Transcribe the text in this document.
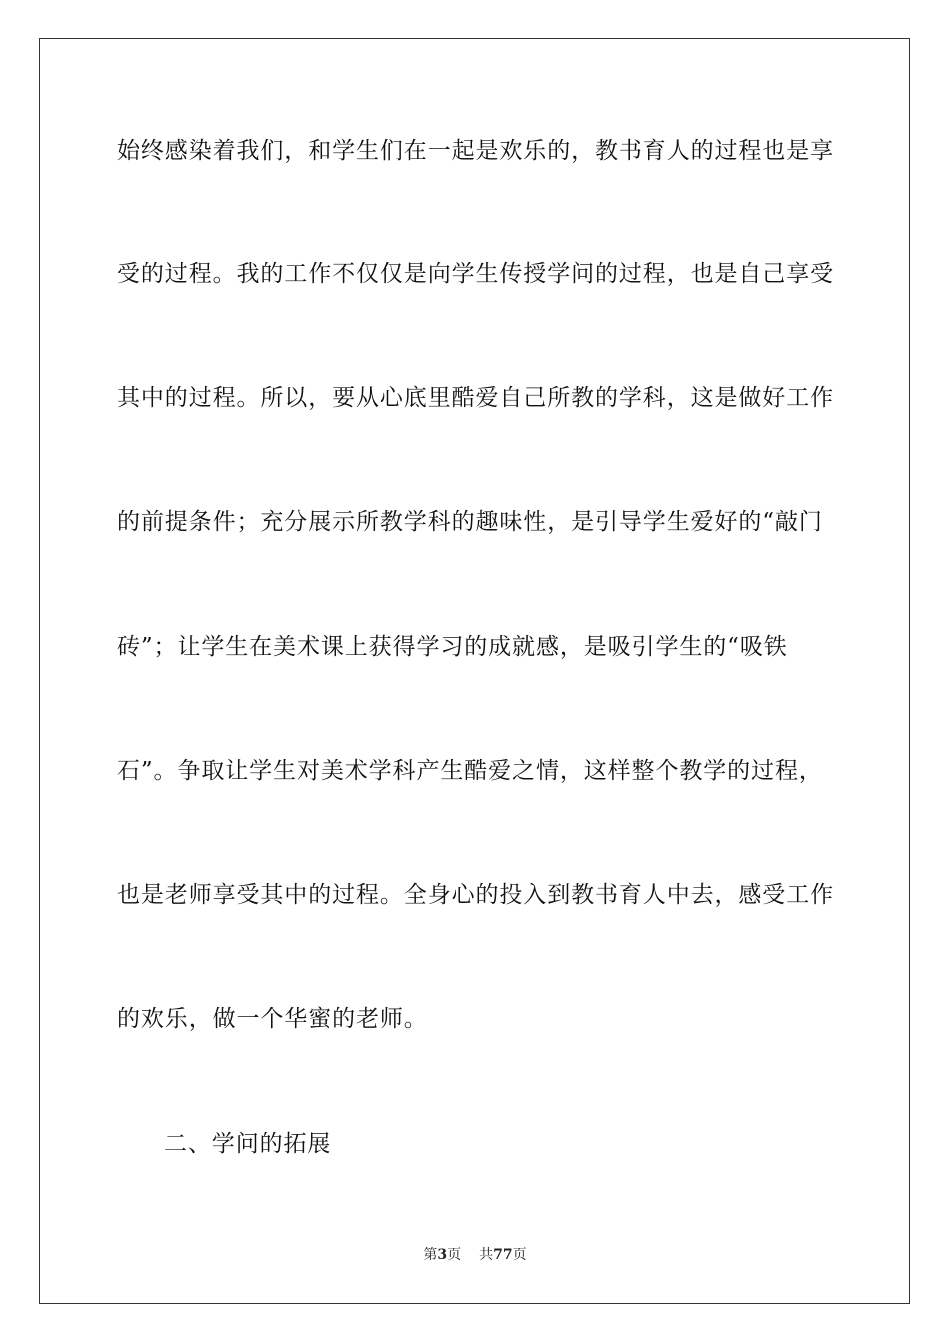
始终感染着我们，和学生们在一起是欢乐的，教书育人的过程也是享
受的过程。我的工作不仅仅是向学生传授学问的过程，也是自己享受
其中的过程。所以，要从心底里酷爱自己所教的学科，这是做好工作
的前提条件；充分展示所教学科的趣味性，是引导学生爱好的“敲门
砖”；让学生在美术课上获得学习的成就感，是吸引学生的“吸铁
石”。争取让学生对美术学科产生酷爱之情，这样整个教学的过程，
也是老师享受其中的过程。全身心的投入到教书育人中去，感受工作
的欢乐，做一个华蜜的老师。
二、学问的拓展
第3页 共77页
